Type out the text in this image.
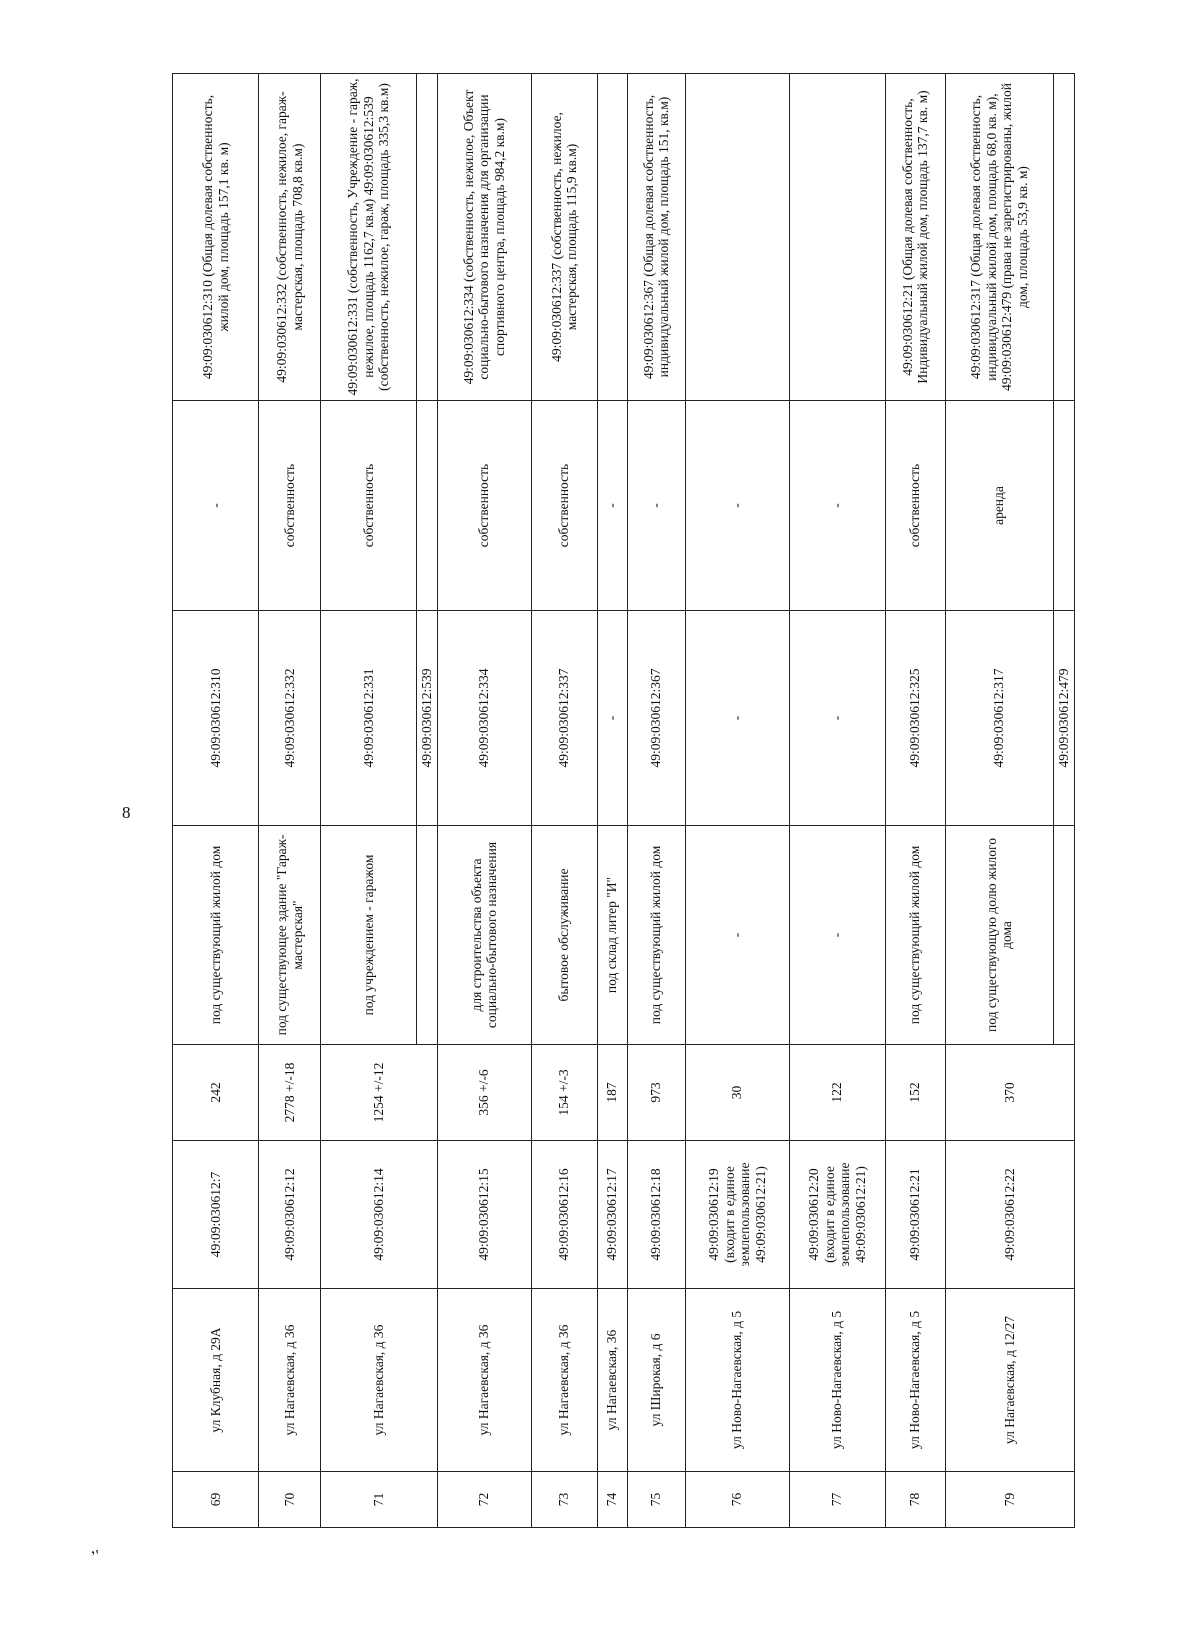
8
’′
69	ул Клубная, д 29А	49:09:030612:7	242	под существующий жилой дом	49:09:030612:310	-	49:09:030612:310 (Общая долевая собственность, жилой дом, площадь 157,1 кв. м)
70	ул Нагаевская, д 36	49:09:030612:12	2778 +/-18	под существующее здание "Гараж-мастерская"	49:09:030612:332	собственность	49:09:030612:332 (собственность, нежилое, гараж-мастерская, площадь 708,8 кв.м)
71	ул Нагаевская, д 36	49:09:030612:14	1254 +/-12	под учреждением - гаражом	49:09:030612:331	собственность	49:09:030612:331 (собственность, Учреждение - гараж, нежилое, площадь 1162,7 кв.м) 49:09:030612:539 (собственность, нежилое, гараж, площадь 335,3 кв.м)
					49:09:030612:539		
72	ул Нагаевская, д 36	49:09:030612:15	356 +/-6	для строительства объекта социально-бытового назначения	49:09:030612:334	собственность	49:09:030612:334 (собственность, нежилое, Объект социально-бытового назначения для организации спортивного центра, площадь 984,2 кв.м)
73	ул Нагаевская, д 36	49:09:030612:16	154 +/-3	бытовое обслуживание	49:09:030612:337	собственность	49:09:030612:337 (собственность, нежилое, мастерская, площадь 115,9 кв.м)
74	ул Нагаевская, 36	49:09:030612:17	187	под склад литер "И"	-	-	
75	ул Широкая, д 6	49:09:030612:18	973	под существующий жилой дом	49:09:030612:367	-	49:09:030612:367 (Общая долевая собственность, индивидуальный жилой дом, площадь 151, кв.м)
76	ул Ново-Нагаевская, д 5	49:09:030612:19 (входит в единое землепользование 49:09:030612:21)	30	-	-	-	
77	ул Ново-Нагаевская, д 5	49:09:030612:20 (входит в единое землепользование 49:09:030612:21)	122	-	-	-	
78	ул Ново-Нагаевская, д 5	49:09:030612:21	152	под существующий жилой дом	49:09:030612:325	собственность	49:09:030612:21 (Общая долевая собственность, Индивидуальный жилой дом, площадь 137,7 кв. м)
79	ул Нагаевская, д 12/27	49:09:030612:22	370	под существующую долю жилого дома	49:09:030612:317	аренда	49:09:030612:317 (Общая долевая собственность, индивидуальный жилой дом, площадь 68,0 кв. м), 49:09:030612:479 (права не зарегистрированы, жилой дом, площадь 53,9 кв. м)
					49:09:030612:479		
